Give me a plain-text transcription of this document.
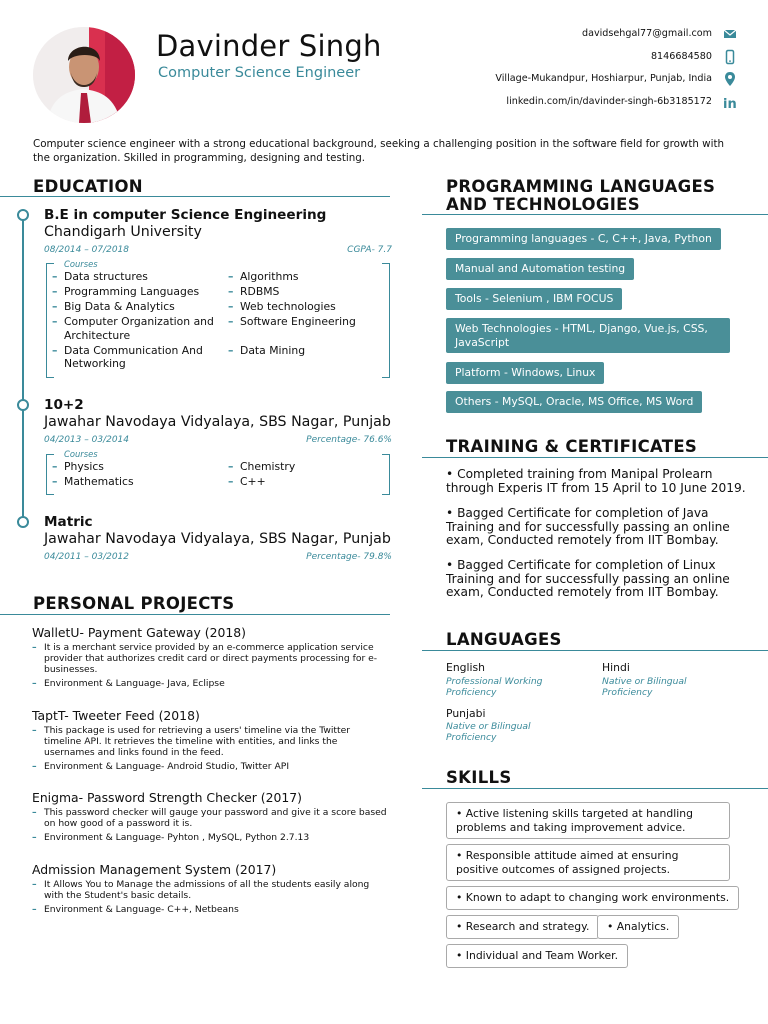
Davinder Singh
Computer Science Engineer
davidsehgal77@gmail.com
8146684580
Village-Mukandpur, Hoshiarpur, Punjab, India
linkedin.com/in/davinder-singh-6b3185172 in
Computer science engineer with a strong educational background, seeking a challenging position in the software field for growth with the organization. Skilled in programming, designing and testing.
EDUCATION
B.E in computer Science Engineering
Chandigarh University
08/2014 – 07/2018	CGPA- 7.7
Courses
– Data structures
– Programming Languages
– Big Data & Analytics
– Computer Organization and Architecture
– Data Communication And Networking
– Algorithms
– RDBMS
– Web technologies
– Software Engineering
– Data Mining
10+2
Jawahar Navodaya Vidyalaya, SBS Nagar, Punjab
04/2013 – 03/2014	Percentage- 76.6%
Courses
– Physics
– Mathematics
– Chemistry
– C++
Matric
Jawahar Navodaya Vidyalaya, SBS Nagar, Punjab
04/2011 – 03/2012	Percentage- 79.8%
PERSONAL PROJECTS
WalletU- Payment Gateway (2018)
– It is a merchant service provided by an e-commerce application service provider that authorizes credit card or direct payments processing for e-businesses.
– Environment & Language- Java, Eclipse
TaptT- Tweeter Feed (2018)
– This package is used for retrieving a users' timeline via the Twitter timeline API. It retrieves the timeline with entities, and links the usernames and links found in the feed.
– Environment & Language- Android Studio, Twitter API
Enigma- Password Strength Checker (2017)
– This password checker will gauge your password and give it a score based on how good of a password it is.
– Environment & Language- Pyhton , MySQL, Python 2.7.13
Admission Management System (2017)
– It Allows You to Manage the admissions of all the students easily along with the Student's basic details.
– Environment & Language- C++, Netbeans
PROGRAMMING LANGUAGES
AND TECHNOLOGIES
Programming languages - C, C++, Java, Python
Manual and Automation testing
Tools - Selenium , IBM FOCUS
Web Technologies - HTML, Django, Vue.js, CSS, JavaScript
Platform - Windows, Linux
Others - MySQL, Oracle, MS Office, MS Word
TRAINING & CERTIFICATES
• Completed training from Manipal Prolearn through Experis IT from 15 April to 10 June 2019.
• Bagged Certificate for completion of Java Training and for successfully passing an online exam, Conducted remotely from IIT Bombay.
• Bagged Certificate for completion of Linux Training and for successfully passing an online exam, Conducted remotely from IIT Bombay.
LANGUAGES
English
Professional Working Proficiency
Hindi
Native or Bilingual Proficiency
Punjabi
Native or Bilingual Proficiency
SKILLS
• Active listening skills targeted at handling problems and taking improvement advice.
• Responsible attitude aimed at ensuring positive outcomes of assigned projects.
• Known to adapt to changing work environments.
• Research and strategy.	• Analytics.
• Individual and Team Worker.
